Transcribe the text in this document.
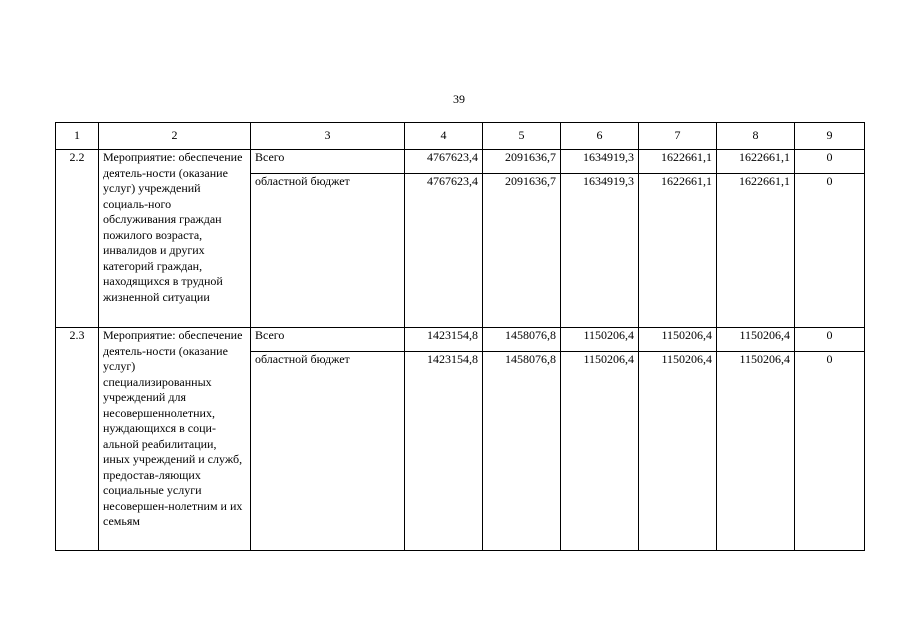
39
1	2	3	4	5	6	7	8	9
2.2	Мероприятие: обеспечение деятель-ности (оказание услуг) учреждений социаль-ного обслуживания граждан пожилого возраста, инвалидов и других категорий граждан, находящихся в трудной жизненной ситуации	Всего	4767623,4	2091636,7	1634919,3	1622661,1	1622661,1	0
		областной бюджет	4767623,4	2091636,7	1634919,3	1622661,1	1622661,1	0
2.3	Мероприятие: обеспечение деятель-ности (оказание услуг) специализированных учреждений для несовершеннолетних, нуждающихся в соци-альной реабилитации, иных учреждений и служб, предостав-ляющих социальные услуги несовершен-нолетним и их семьям	Всего	1423154,8	1458076,8	1150206,4	1150206,4	1150206,4	0
		областной бюджет	1423154,8	1458076,8	1150206,4	1150206,4	1150206,4	0
